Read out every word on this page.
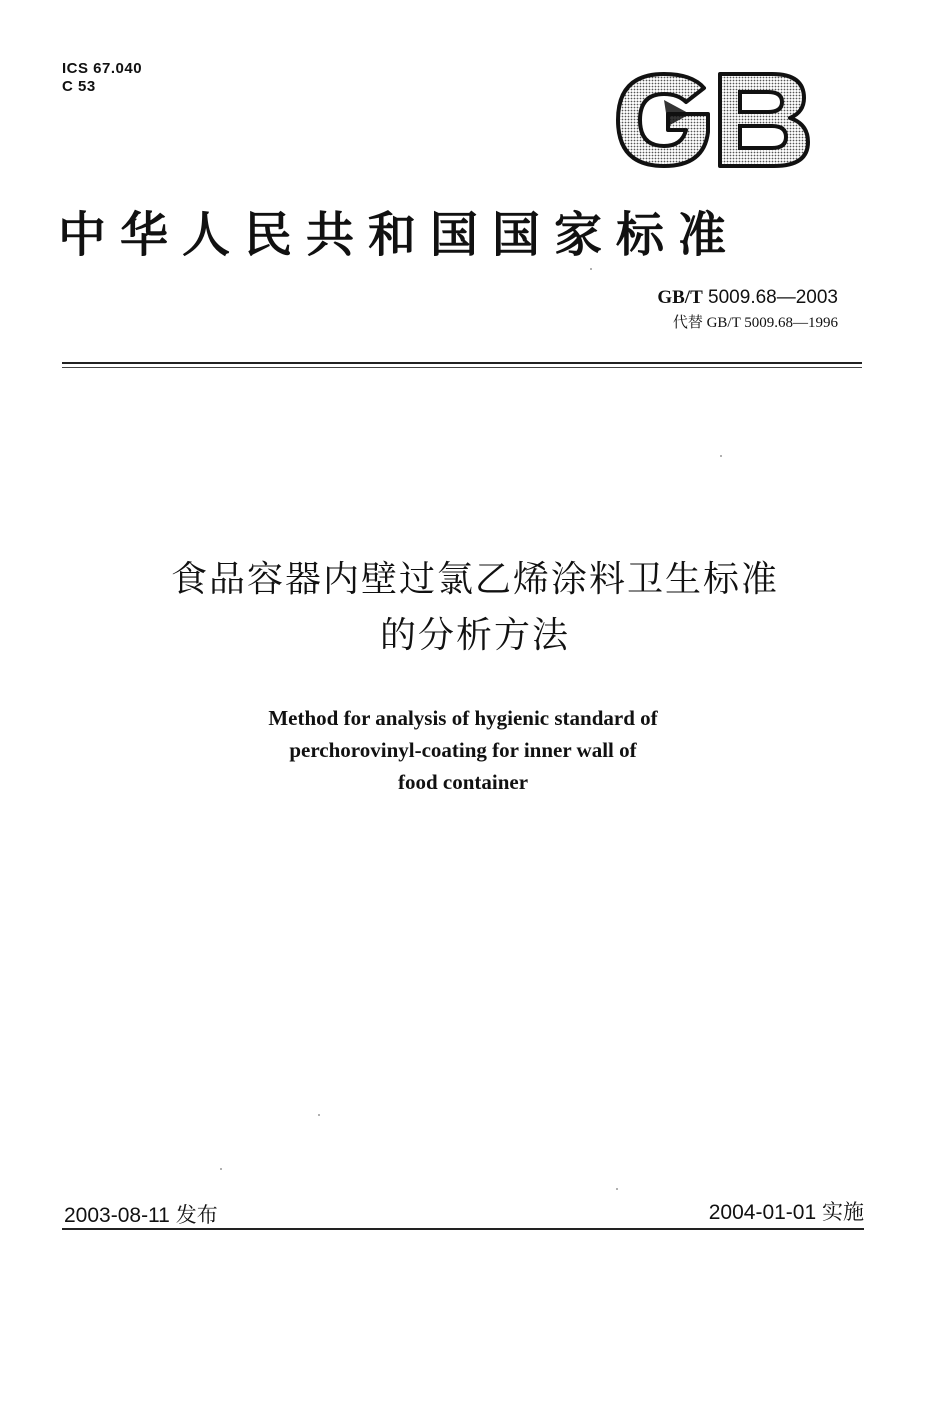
ICS 67.040
C 53
中华人民共和国国家标准
GB/T 5009.68—2003
代替 GB/T 5009.68—1996
食品容器内壁过氯乙烯涂料卫生标准
的分析方法
Method for analysis of hygienic standard of
perchorovinyl-coating for inner wall of
food container
2003-08-11 发布	2004-01-01 实施
